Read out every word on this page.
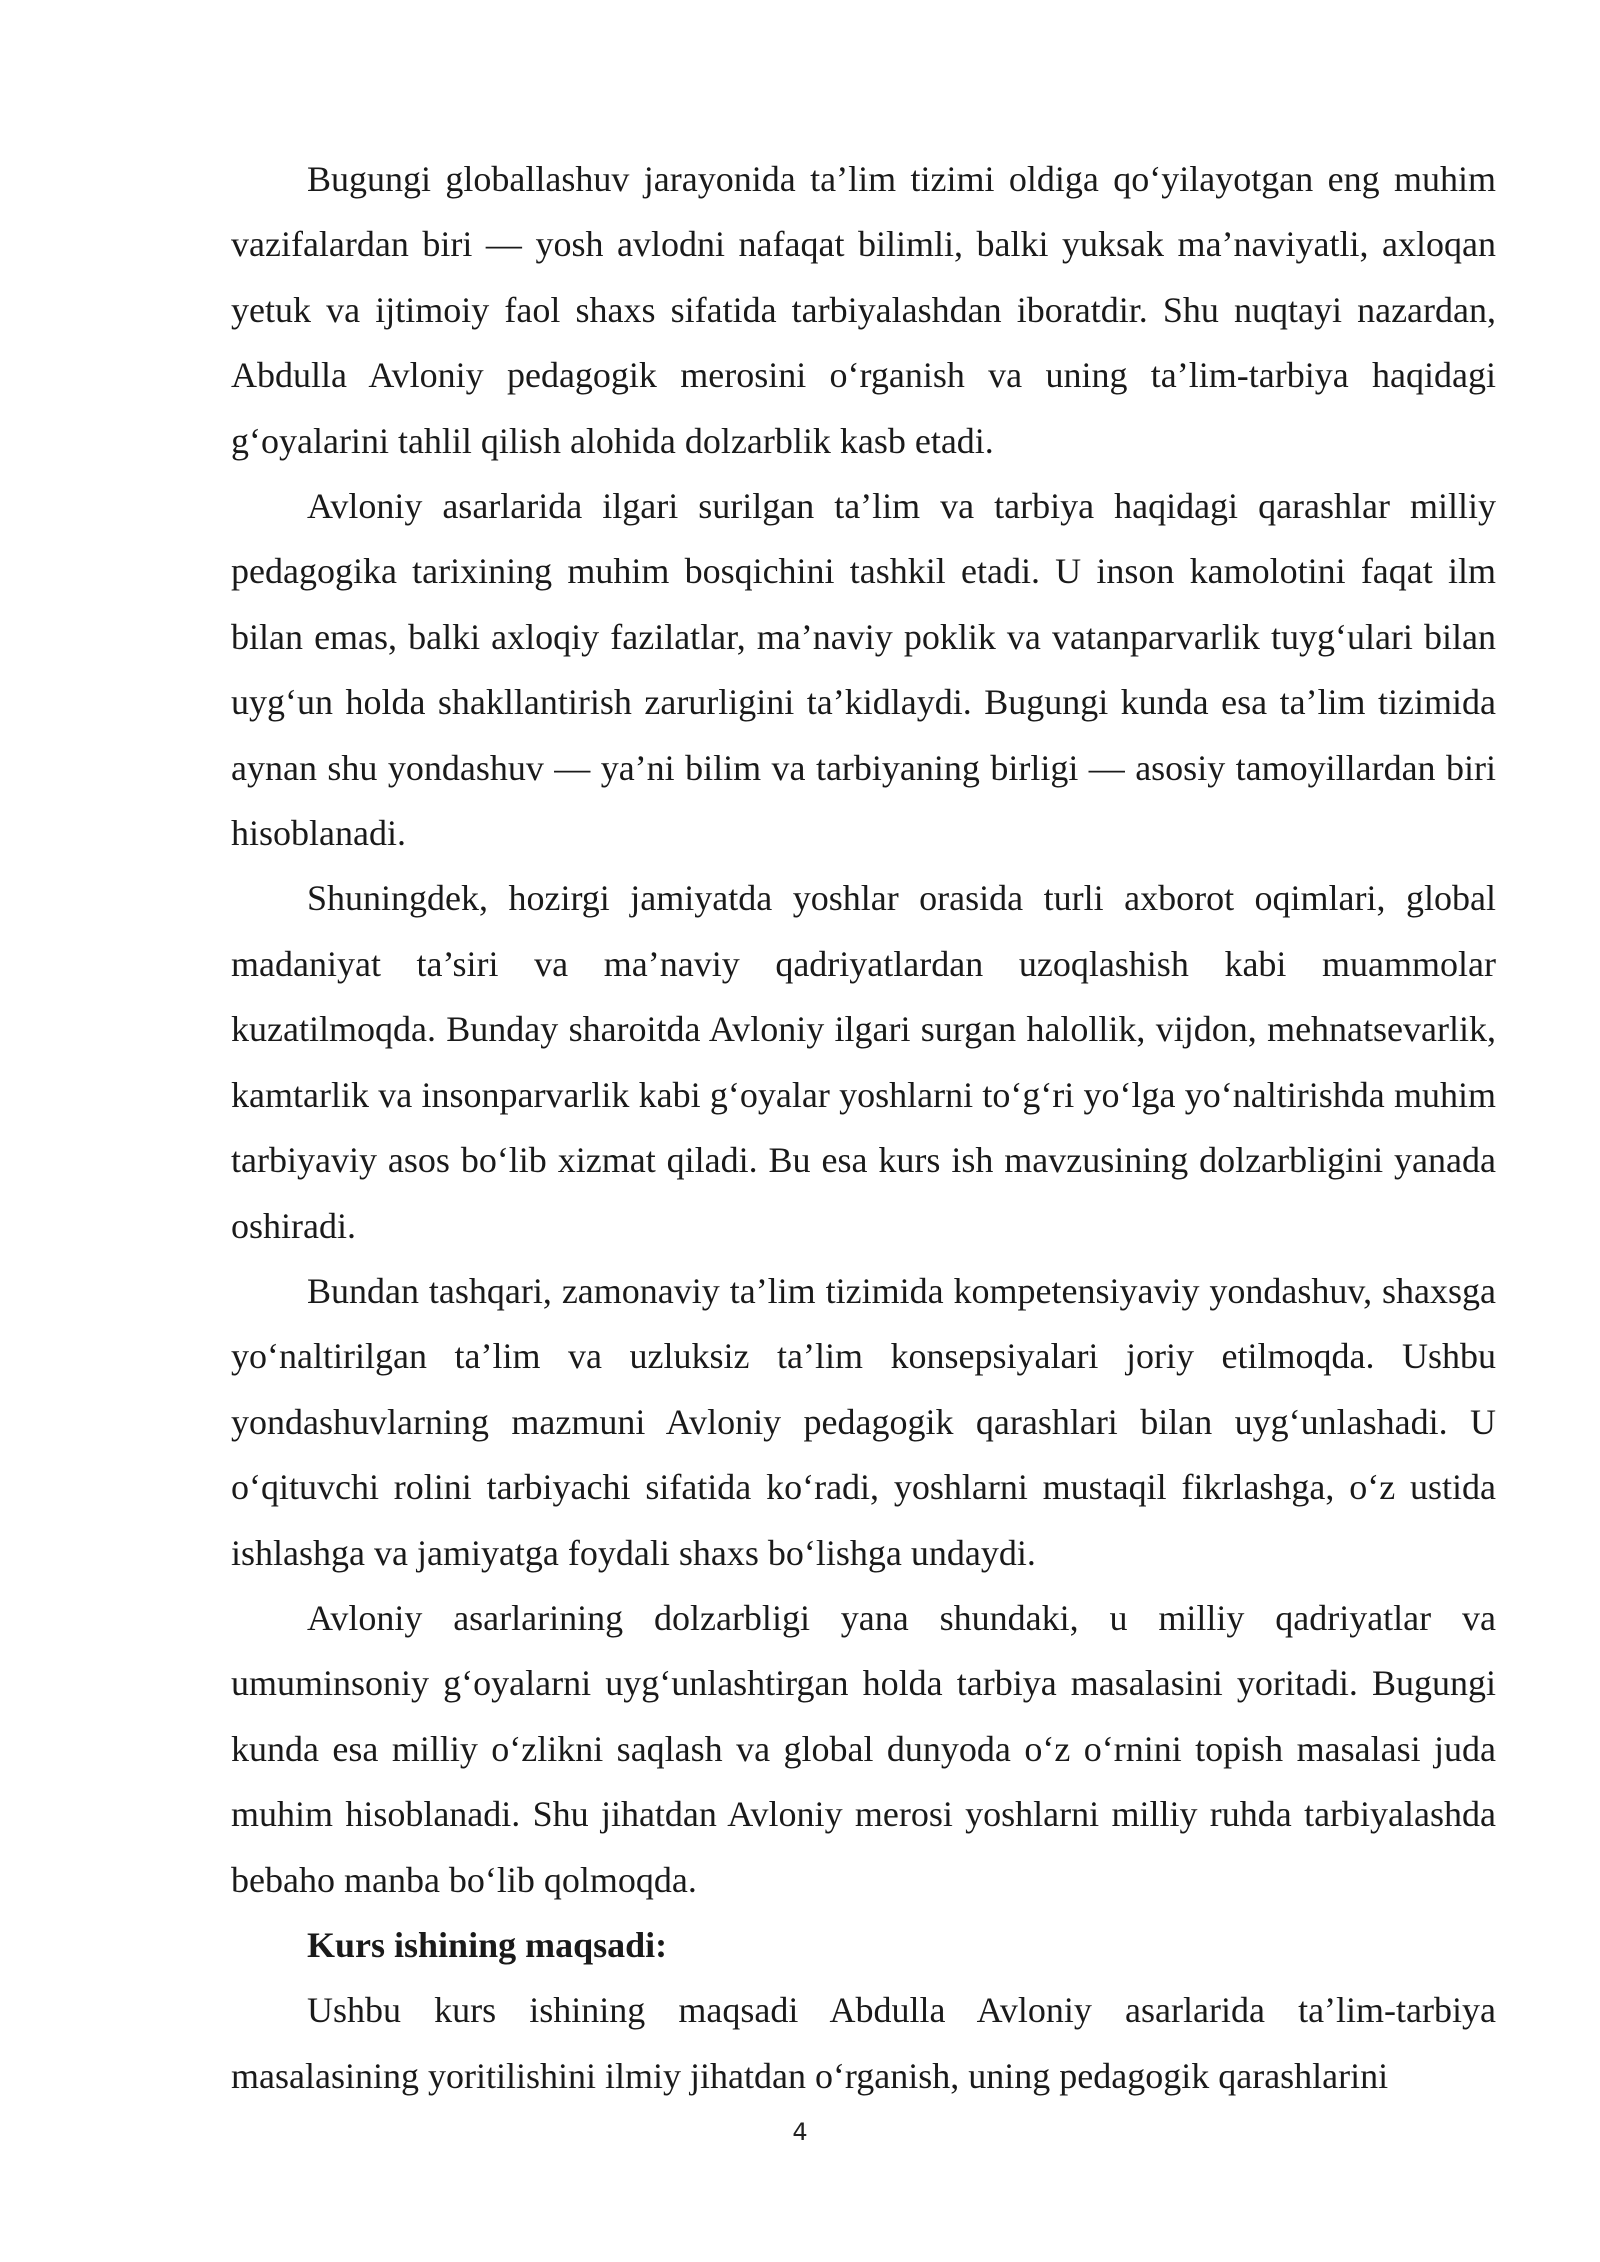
Bugungi globallashuv jarayonida ta’lim tizimi oldiga qo‘yilayotgan eng muhim vazifalardan biri — yosh avlodni nafaqat bilimli, balki yuksak ma’naviyatli, axloqan yetuk va ijtimoiy faol shaxs sifatida tarbiyalashdan iboratdir. Shu nuqtayi nazardan, Abdulla Avloniy pedagogik merosini o‘rganish va uning ta’lim-tarbiya haqidagi g‘oyalarini tahlil qilish alohida dolzarblik kasb etadi.

Avloniy asarlarida ilgari surilgan ta’lim va tarbiya haqidagi qarashlar milliy pedagogika tarixining muhim bosqichini tashkil etadi. U inson kamolotini faqat ilm bilan emas, balki axloqiy fazilatlar, ma’naviy poklik va vatanparvarlik tuyg‘ulari bilan uyg‘un holda shakllantirish zarurligini ta’kidlaydi. Bugungi kunda esa ta’lim tizimida aynan shu yondashuv — ya’ni bilim va tarbiyaning birligi — asosiy tamoyillardan biri hisoblanadi.

Shuningdek, hozirgi jamiyatda yoshlar orasida turli axborot oqimlari, global madaniyat ta’siri va ma’naviy qadriyatlardan uzoqlashish kabi muammolar kuzatilmoqda. Bunday sharoitda Avloniy ilgari surgan halollik, vijdon, mehnatsevarlik, kamtarlik va insonparvarlik kabi g‘oyalar yoshlarni to‘g‘ri yo‘lga yo‘naltirishda muhim tarbiyaviy asos bo‘lib xizmat qiladi. Bu esa kurs ish mavzusining dolzarbligini yanada oshiradi.

Bundan tashqari, zamonaviy ta’lim tizimida kompetensiyaviy yondashuv, shaxsga yo‘naltirilgan ta’lim va uzluksiz ta’lim konsepsiyalari joriy etilmoqda. Ushbu yondashuvlarning mazmuni Avloniy pedagogik qarashlari bilan uyg‘unlashadi. U o‘qituvchi rolini tarbiyachi sifatida ko‘radi, yoshlarni mustaqil fikrlashga, o‘z ustida ishlashga va jamiyatga foydali shaxs bo‘lishga undaydi.

Avloniy asarlarining dolzarbligi yana shundaki, u milliy qadriyatlar va umuminsoniy g‘oyalarni uyg‘unlashtirgan holda tarbiya masalasini yoritadi. Bugungi kunda esa milliy o‘zlikni saqlash va global dunyoda o‘z o‘rnini topish masalasi juda muhim hisoblanadi. Shu jihatdan Avloniy merosi yoshlarni milliy ruhda tarbiyalashda bebaho manba bo‘lib qolmoqda.

Kurs ishining maqsadi:

Ushbu kurs ishining maqsadi Abdulla Avloniy asarlarida ta’lim-tarbiya masalasining yoritilishini ilmiy jihatdan o‘rganish, uning pedagogik qarashlarini

4
